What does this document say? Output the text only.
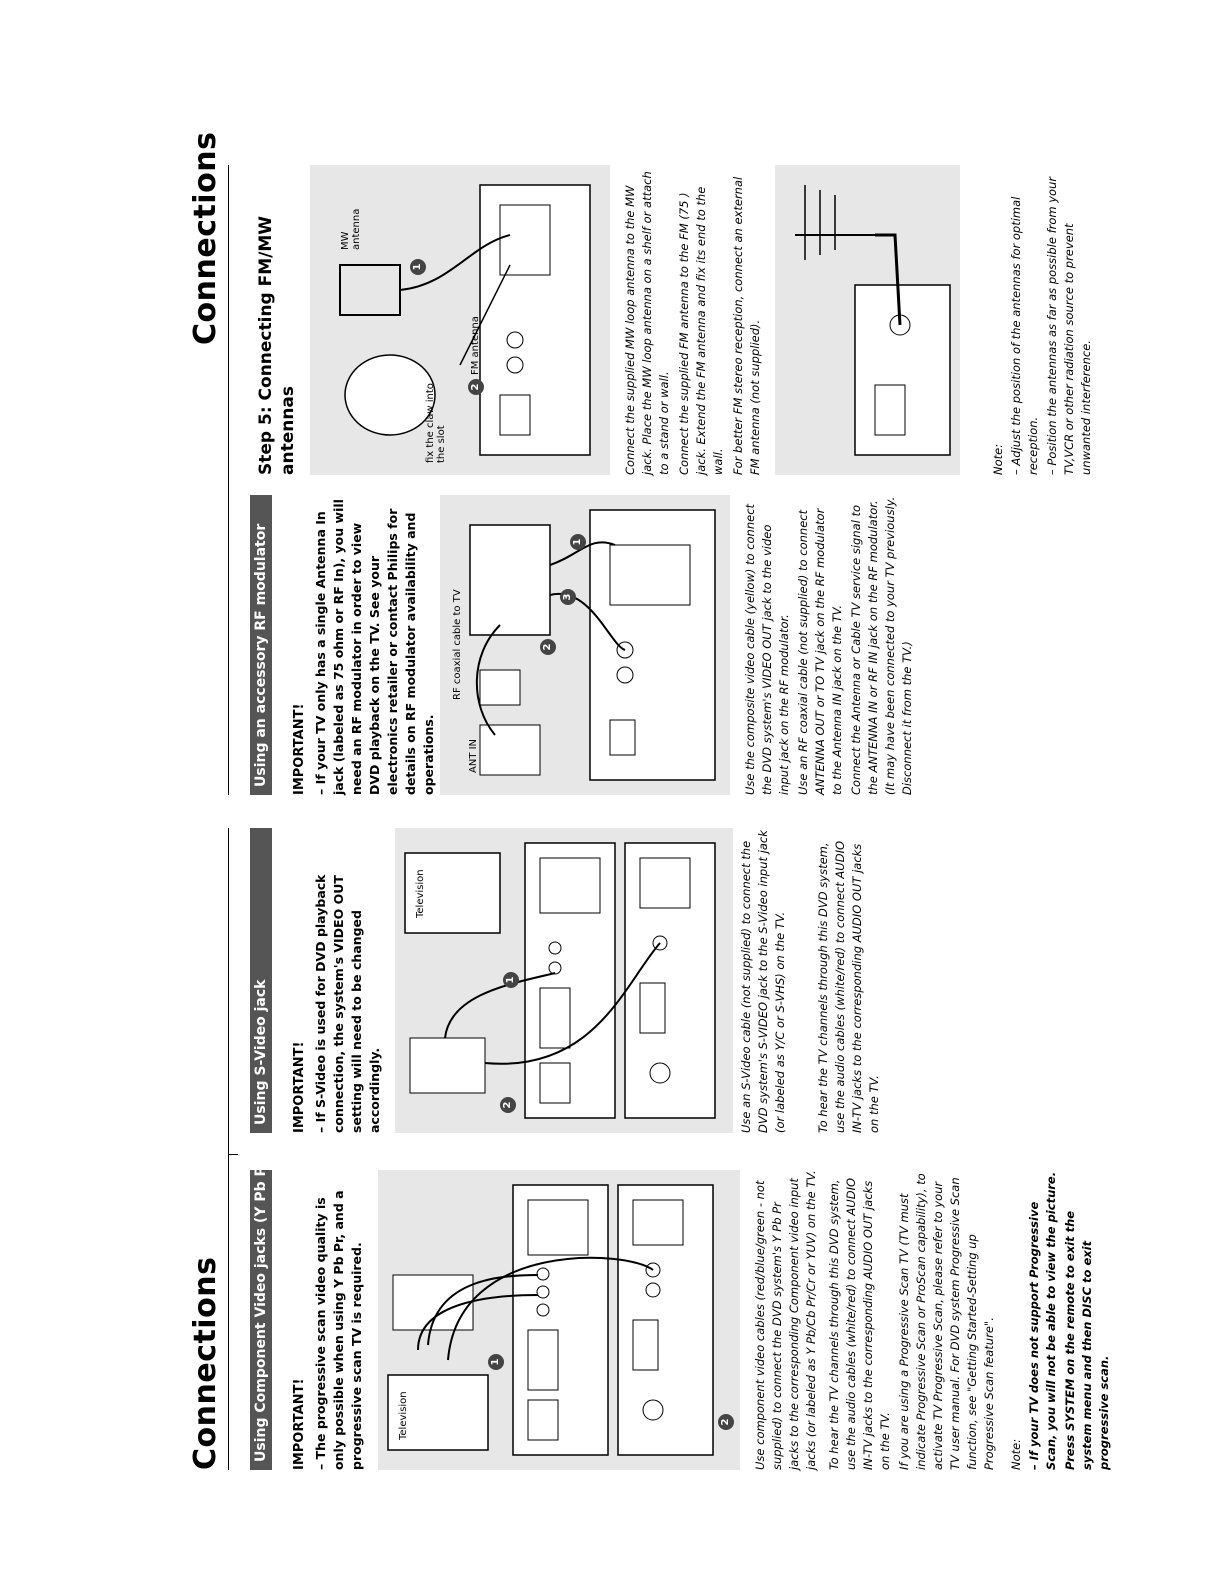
Connections Using Component Video jacks (Y Pb Pr) IMPORTANT! – The progressive scan video quality is only possible when using Y Pb Pr, and a progressive scan TV is required.	Television
1
2 Use component video cables (red/blue/green - not supplied) to connect the DVD system's Y Pb Pr jacks to the corresponding Component video input jacks (or labeled as Y Pb/Cb Pr/Cr or YUV) on the TV. To hear the TV channels through this DVD system, use the audio cables (white/red) to connect AUDIO IN-TV jacks to the corresponding AUDIO OUT jacks on the TV. If you are using a Progressive Scan TV (TV must indicate Progressive Scan or ProScan capability), to activate TV Progressive Scan, please refer to your TV user manual. For DVD system Progressive Scan function, see "Getting Started-Setting up Progressive Scan feature". Note: – If your TV does not support Progressive Scan, you will not be able to view the picture. Press SYSTEM on the remote to exit the system menu and then DISC to exit progressive scan.
Using S-Video jack IMPORTANT! – If S-Video is used for DVD playback connection, the system's VIDEO OUT setting will need to be changed accordingly.
Television
1
2	Use an S-Video cable (not supplied) to connect the DVD system's S-VIDEO jack to the S-Video input jack (or labeled as Y/C or S-VHS) on the TV.	To hear the TV channels through this DVD system, use the audio cables (white/red) to connect AUDIO IN-TV jacks to the corresponding AUDIO OUT jacks on the TV.
Connections
Using an accessory RF modulator IMPORTANT! – If your TV only has a single Antenna In jack (labeled as 75 ohm or RF In), you will need an RF modulator in order to view DVD playback on the TV. See your electronics retailer or contact Philips for details on RF modulator availability and operations.
RF coaxial cable to TV
ANT IN
1
2
3	Use the composite video cable (yellow) to connect the DVD system's VIDEO OUT jack to the video input jack on the RF modulator. Use an RF coaxial cable (not supplied) to connect ANTENNA OUT or TO TV jack on the RF modulator to the Antenna IN jack on the TV. Connect the Antenna or Cable TV service signal to the ANTENNA IN or RF IN jack on the RF modulator. (It may have been connected to your TV previously. Disconnect it from the TV.)
Step 5: Connecting FM/MW antennas	fix the claw into the slot
MW antenna
FM antenna
1
2	Connect the supplied MW loop antenna to the MW jack. Place the MW loop antenna on a shelf or attach to a stand or wall. Connect the supplied FM antenna to the FM (75 ) jack. Extend the FM antenna and fix its end to the wall. For better FM stereo reception, connect an external FM antenna (not supplied).	Note: – Adjust the position of the antennas for optimal reception. – Position the antennas as far as possible from your TV,VCR or other radiation source to prevent unwanted interference.
